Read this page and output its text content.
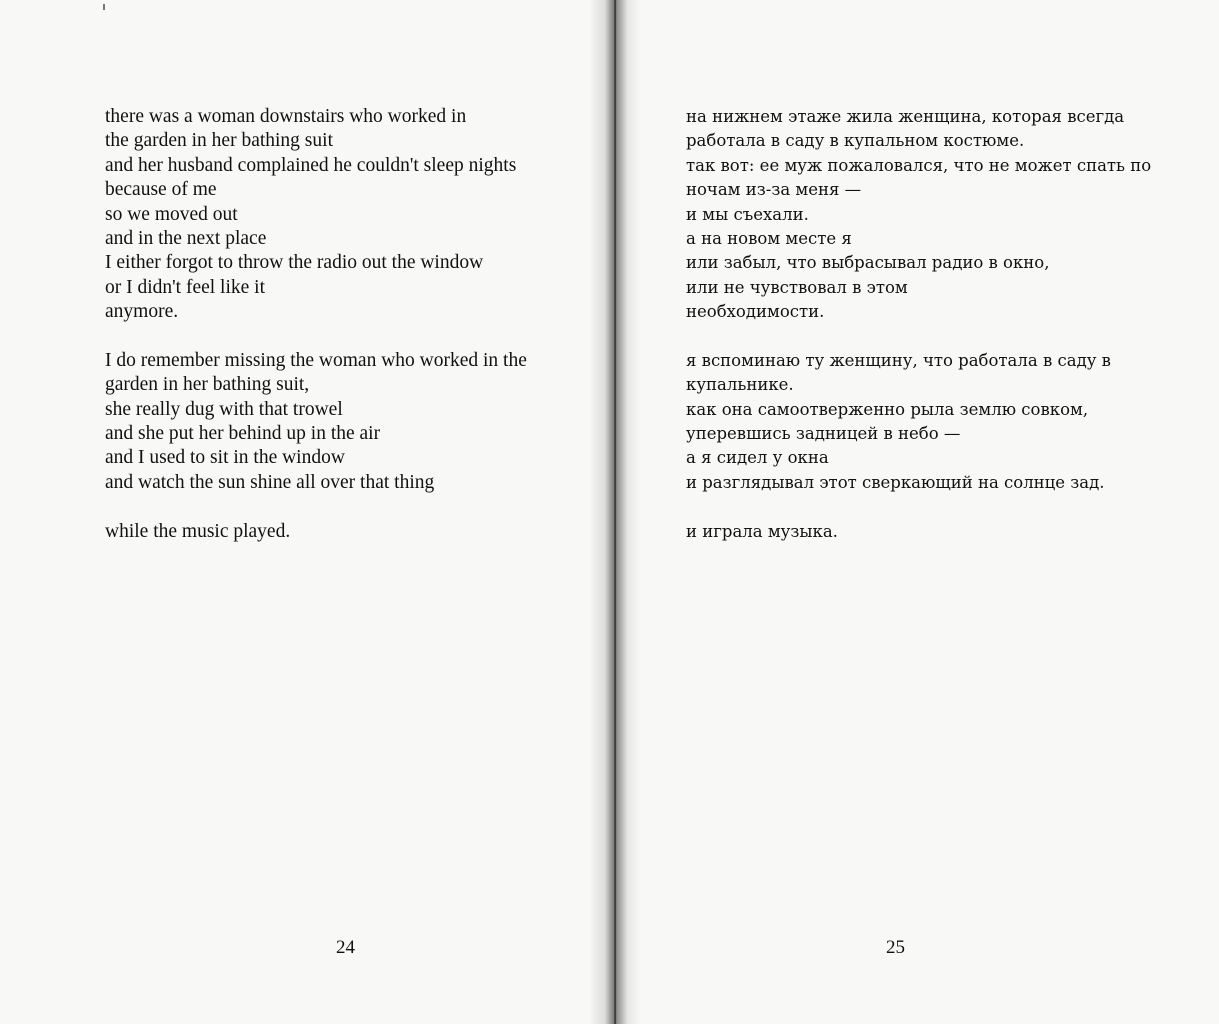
there was a woman downstairs who worked in
the garden in her bathing suit
and her husband complained he couldn't sleep nights
because of me
so we moved out
and in the next place
I either forgot to throw the radio out the window
or I didn't feel like it
anymore.
I do remember missing the woman who worked in the
garden in her bathing suit,
she really dug with that trowel
and she put her behind up in the air
and I used to sit in the window
and watch the sun shine all over that thing
while the music played.
на нижнем этаже жила женщина, которая всегда
работала в саду в купальном костюме.
так вот: ее муж пожаловался, что не может спать по
ночам из-за меня —
и мы съехали.
а на новом месте я
или забыл, что выбрасывал радио в окно,
или не чувствовал в этом
необходимости.
я вспоминаю ту женщину, что работала в саду в
купальнике.
как она самоотверженно рыла землю совком,
уперевшись задницей в небо —
а я сидел у окна
и разглядывал этот сверкающий на солнце зад.
и играла музыка.
24	25
